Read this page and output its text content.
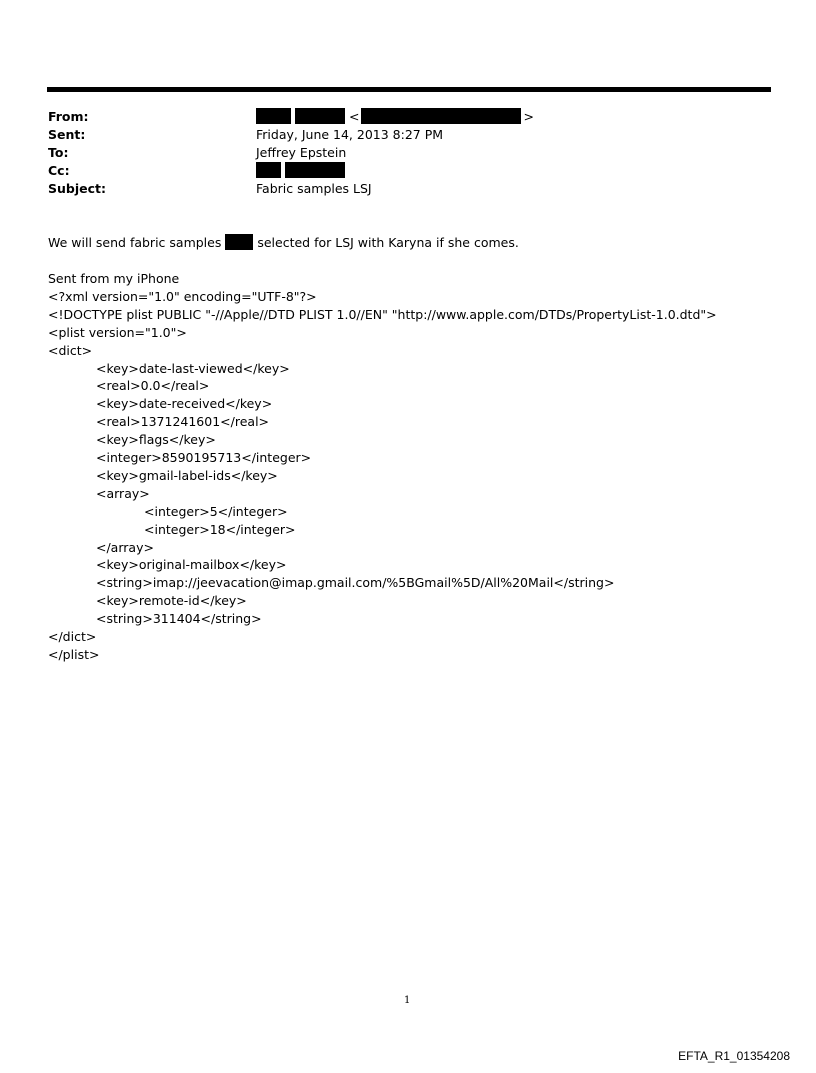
From:	<	>
Sent:	Friday, June 14, 2013 8:27 PM
To:	Jeffrey Epstein
Cc:

Subject:	Fabric samples LSJ
We will send fabric samples	selected for LSJ with Karyna if she comes.
Sent from my iPhone
<?xml version="1.0" encoding="UTF-8"?>
<!DOCTYPE plist PUBLIC "-//Apple//DTD PLIST 1.0//EN" "http://www.apple.com/DTDs/PropertyList-1.0.dtd">
<plist version="1.0">
<dict>
<key>date-last-viewed</key>
<real>0.0</real>
<key>date-received</key>
<real>1371241601</real>
<key>flags</key>
<integer>8590195713</integer>
<key>gmail-label-ids</key>
<array>
<integer>5</integer>
<integer>18</integer>
</array>
<key>original-mailbox</key>
<string>imap://jeevacation@imap.gmail.com/%5BGmail%5D/All%20Mail</string>
<key>remote-id</key>
<string>311404</string>
</dict>
</plist>
1
EFTA_R1_01354208
